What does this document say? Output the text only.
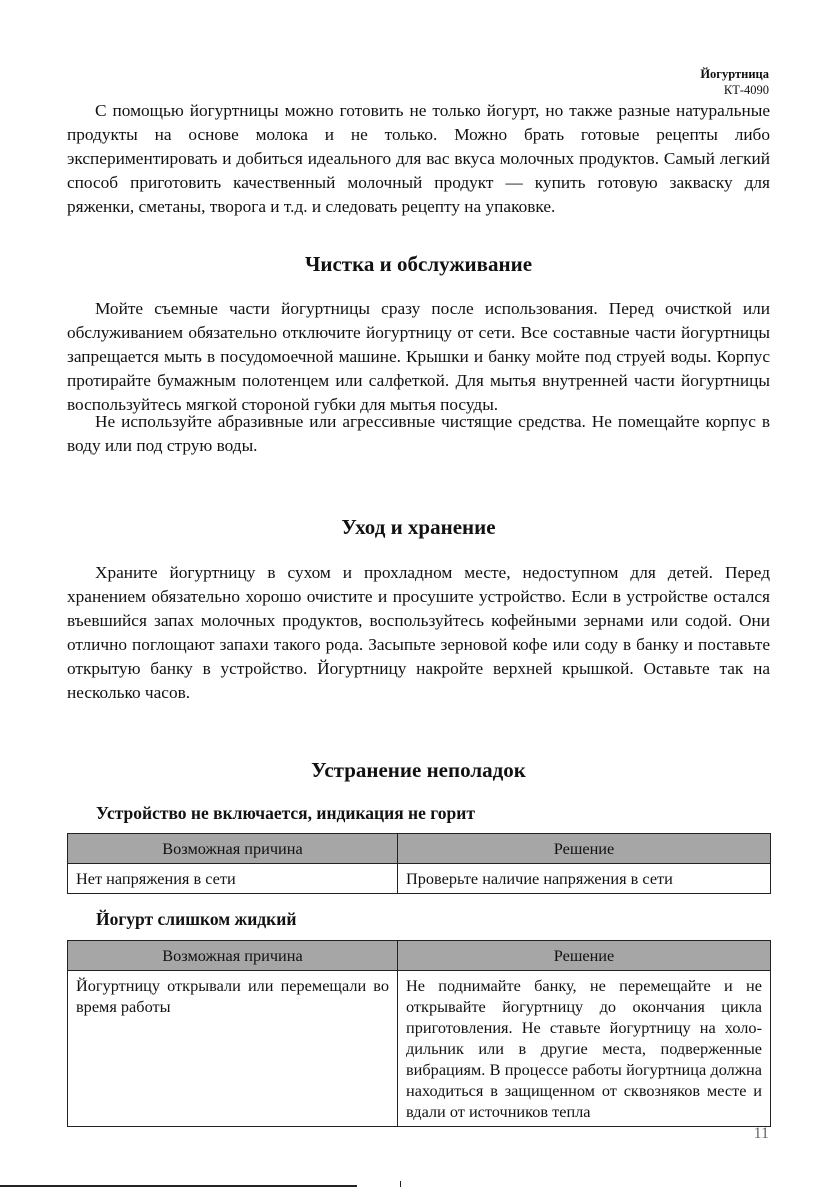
Йогуртница
КТ-4090

С помощью йогуртницы можно готовить не только йогурт, но также разные натуральные продукты на основе молока и не только. Можно брать готовые рецепты либо экспериментировать и добиться идеального для вас вкуса молочных продуктов. Самый легкий способ приготовить качественный молочный продукт — купить готовую закваску для ряженки, сметаны, творога и т.д. и следовать рецепту на упаковке.

Чистка и обслуживание

Мойте съемные части йогуртницы сразу после использования. Перед очисткой или обслуживанием обязательно отключите йогуртницу от сети. Все составные части йогуртницы запрещается мыть в посудомоечной машине. Крышки и банку мойте под струей воды. Корпус протирайте бумажным полотенцем или салфеткой. Для мытья внутренней части йогуртницы воспользуйтесь мягкой стороной губки для мытья посуды.

Не используйте абразивные или агрессивные чистящие средства. Не помещайте корпус в воду или под струю воды.

Уход и хранение

Храните йогуртницу в сухом и прохладном месте, недоступном для детей. Перед хранением обязательно хорошо очистите и просушите устройство. Если в устройстве остался въевшийся запах молочных продуктов, воспользуйтесь кофейными зернами или содой. Они отлично поглощают запахи такого рода. Засыпьте зерновой кофе или соду в банку и поставьте открытую банку в устройство. Йогуртницу накройте верхней крышкой. Оставьте так на несколько часов.

Устранение неполадок
Устройство не включается, индикация не горит
Возможная причина	Решение
Нет напряжения в сети	Проверьте наличие напряжения в сети
Йогурт слишком жидкий
Возможная причина	Решение
Йогуртницу открывали или перемещали во время работы	Не поднимайте банку, не перемещайте и не открывайте йогуртницу до окончания цикла приготовления. Не ставьте йогуртницу на холодильник или в другие места, подверженные вибрациям. В процессе работы йогуртница должна находиться в защищенном от сквозняков месте и вдали от источников тепла
11
